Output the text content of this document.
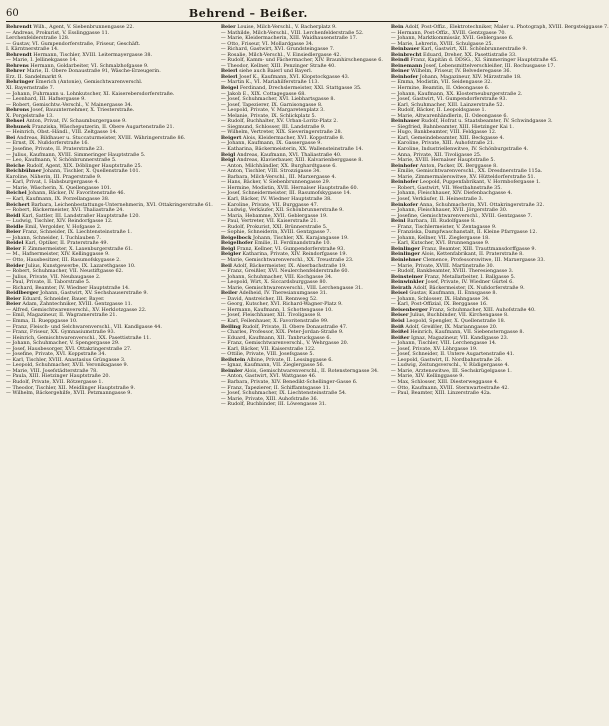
60	Behrend – Beißer.
Behrendt Wilh., Agent, V. Siebenbrunnengasse 22.
— Andreas, Prokurist, V. Esslinggasse 11.
Lerchenfelderstraße 128.
— Gustav, VI. Gumpendorferstraße, Friseur, Geschäft.
I. Kärntnerstraße 14.
Behrendt Hermann, Tischler, XVIII. Leitermayergasse 38.
— Marie, I. Jellinekgasse 14.
Behrens Hermann, Goldarbeiter, VI. Schmalzhofgasse 9.
Behrer Marie, II. Obere Donaustraße 91, Wäsche-Erzeugerin.
Erz. II. Sandelmarkt 9.
Behringer Emerich (Antonie), Gemischtwarenverschl.
XI. Bayernstraße 7.
— Johann, Fuhrmann u. Lohnkutscher, XI. Kaiserebersdorferstraße.
— Leonhard, III. Hafnergasse 9.
— Robert, Gemischtw.-Verschl., V. Mainergasse 34.
Behrons Josef, Bauunternehmer, X. Triesterstraße.
X. Porgelstraße 13.
Behsel Anton, Privat, IV. Schaumburgergasse 9.
Behunek Franziska, Wäscheputzerin, II. Obere Augartenstraße 21.
— Heinrich, Obst.-Händl., VIII. Zeltgasse 14.
Bei Andreas, Bildhauer u. Stuccaturmeister, XVIII. Währingerstraße 86.
— Ernst, IX. Nußdorferstraße 16.
— Josefine, Private, II. Praterstraße 23.
— Julius, Kaufmann, XVIII. Simmeringer Hauptstraße 5.
— Leo, Kaufmann, V. Schönbrunnerstraße 5.
Beiche Rudolf, Agent, XIX. Döblinger Hauptstraße 25.
Beichbühner Johann, Tischler, X. Quellenstraße 101.
Karoline, Näherin, III. Pragerstraße 9.
— Karl, Privat, I. Habsburgergasse 4.
— Marie, Wäscherin, X. Quellengasse 101.
Beichel Johann, Bäcker, IV. Favoritenstraße 46.
— Karl, Kaufmann, IX. Porzellangasse 38.
Beichert Barbara, Leichenbestattungs-Unternehmerin, XVI. Ottakringerstraße 61.
— Robert, Bäckermeister, XVI. Thaliastraße 24.
Beidl Karl, Sattler, III. Landstraßer Hauptstraße 120.
— Ludwig, Tischler, XIV. Reindorfgasse 12.
Beidle Emil, Vergolder, V. Hofgasse 2.
Beier Franz, Schneider, IX. Liechtensteinstraße 1.
— Johann, Schneider, I. Tuchlauben 7.
Beidel Karl, Optiker, II. Praterstraße 49.
Beier F. Zimmermeister, X. Laxenburgerstraße 61.
— M., Hafnermeister, XIV. Kellinggasse 9.
— Otto, Hausbesitzer, III. Rasumofskygasse 2.
Beider Julius, Kunstgewerbe, IX. Lazarethgasse 10.
— Robert, Schuhmacher, VII. Neustiftgasse 62.
— Julius, Private, VII. Neubaugasse 2.
— Paul, Private, II. Taborstraße 5.
— Richard, Beamter, IV. Wiedner Hauptstraße 14.
Beidlberger Johann, Gastwirt, XV. Sechshauserstraße 9.
Beier Eduard, Schneider, Bauer, Bayer.
Beier Adam, Zahntechniker, XVIII. Gentzgasse 11.
— Alfred, Gemischtwarenverschl., XV. Herklotzgasse 22.
— Emil, Magazineur, II. Wagramerstraße 21.
— Emma, II. Rueppgasse 10.
— Franz, Fleisch- und Selchwarenverschl., VII. Kandlgasse 44.
— Franz, Friseur, XX. Gymnasiumstraße 93.
— Heinrich, Gemischtwarenverschl., XX. Pasettistraße 11.
— Johann, Schuhmacher, V. Spengergasse 29.
— Josef, Hausbesorger, XVI. Ottakringerstraße 27.
— Josefine, Private, XVI. Koppstraße 34.
— Karl, Tischler, XVIII. Anastasius Grüngasse 3.
— Leopold, Schuhmacher, XVII. Veronikagasse 9.
— Marie, VIII. Josefstädterstraße 78.
— Paula, XIII. Hietzinger Hauptstraße 20.
— Rudolf, Private, XVII. Rötzergasse 1.
— Theodor, Tischler, XII. Meidlinger Hauptstraße 9.
— Wilhelm, Bäckergehilfe, XVII. Petzmanngasse 9.
Beier Louise, Milch-Verschl., V. Bacherplatz 9.
— Mathilde, Milch-Verschl., VIII. Lerchenfelderstraße 52.
— Marie, Kleidermacherin, XIII. Waidhausenstraße 17.
— Otto, Friseur, VI. Mollardgasse 34.
— Richard, Gastwirt, XVI. Grundsteingasse 7.
— Rosalie, Milch-Verschl., V. Einsiedlergasse 42.
— Rudolf, Kamm- und Fächermacher, XIV. Braunhirschengasse 6.
— Theodor, Kellner, XIII. Penzinger Straße 40.
Beierl siehe auch Baierl und Bayerl.
Beierl Josef K., Kaufmann, XVI. Klopstockgasse 43.
— Martin K., VI. Mariahilferstraße 113.
Beigel Ferdinand, Drechslermeister, XXI. Stattgasse 35.
— Jakob E., XIX. Cottagegasse 68.
— Josef, Schuhmacher, XVI. Liebhartsgasse 8.
— Josef, Tapezierer, IX. Garnisongasse 8.
— Leopold, Private, V. Margaretenplatz 3.
— Melanie, Private, IX. Schlickplatz 5.
— Rudolf, Buchhalter, XV. Urban-Loritz-Platz 2.
— Siegmund, Schlosser, III. Landstraße 9.
— Wilhelm, Vertreter, XIX. Sieveringerstraße 28.
Beigert Alois, Kleidermacher, XVI. Koppstraße 8.
— Johann, Kaufmann, IX. Gassergasse 9.
— Katharina, Bäckermeisterin, XX. Wallensteinstraße 14.
Beigl Andreas, Kaufmann, XVI. Thaliastraße 40.
Beigl Andreas, Klavierbauer, XIII. Kalvarienberggasse 8.
— Anton, Milchhändler, XX. Burghardtgasse 6.
— Anton, Tischler, VIII. Strozzigasse 34.
— Barbara, Milch-Verschl., III. Marxergasse 4.
— Hans, Bäcker, V. Siebenbrunnengasse 29.
— Hermine, Modistin, XVII. Hernalser Hauptstraße 60.
— Josef, Schneidermeister, III. Rasumofskygasse 14.
— Karl, Bäcker, IV. Wiedner Hauptstraße 38.
— Karoline, Private, VII. Burggasse 47.
— Ludwig, Verkäufer, XII. Schönbrunnerstraße 9.
— Maria, Hebamme, XVII. Geblergasse 19.
— Paul, Vertreter, VII. Kaiserstraße 21.
— Rudolf, Prokurist, XXI. Brünnerstraße 5.
— Sophie, Schneiderin, XVIII. Gentzgasse 7.
Beigelbock Johann, Tischler, XX. Karajangasse 19.
Beigelhofer Emilie, II. Ferdinandstraße 10.
Beigl Franz, Kellner, VI. Gumpendorferstraße 93.
Beigler Katharina, Private, XIV. Reindorfgasse 19.
— Marie, Gemischtwarenverschl., XX. Treustraße 23.
Beil Adolf, Bäckermeister, IX. Alserbachstraße 19.
— Franz, Greißler, XVI. Neulerchenfelderstraße 60.
— Johann, Schuhmacher, VIII. Kochgasse 34.
— Leopold, Wirt, X. Siccardsburggasse 80.
— Marie, Gemischtwarenverschl., VIII. Lerchengasse 31.
Beiler Adelheid, IV. Theresianumgasse 31.
— David, Anstreicher, III. Rennweg 52.
— Georg, Kutscher, XVI. Richard-Wagner-Platz 9.
— Hermann, Kaufmann, I. Schottengasse 10.
— Josef, Fleischhauer, XII. Tivoligasse 8.
— Karl, Feilenhauer, X. Favoritenstraße 99.
Beiling Rudolf, Private, II. Obere Donaustraße 47.
— Charles, Professor, XIX. Peter-Jordan-Straße 9.
— Eduard, Kaufmann, XII. Tanbruckgasse 6.
— Franz, Gemischtwarenverschl., V. Wehrgasse 20.
— Karl, Bäcker, VII. Kaiserstraße 122.
— Ottilie, Private, VIII. Josefsgasse 5.
Beilstein Albine, Private, II. Lessinggasse 6.
— Ignaz, Kaufmann, VII. Zieglergasse 56.
Beimler Alois, Gemischtwarenverschl., II. Rotensterngasse 34.
— Anton, Gastwirt, XVI. Wattgasse 46.
— Barbara, Private, XIV. Benedikt-Schellinger-Gasse 6.
— Franz, Tapezierer, II. Schiffamtsgasse 11.
— Josef, Schuhmacher, IX. Liechtensteinstraße 54.
— Marie, Private, XIII. Auhofstraße 36.
— Rudolf, Buchbinder, III. Löwengasse 31.
Bein Adolf, Post-Offiz., Elektrotechniker, Maler u. Photograph, XVIII. Bergsteiggasse 7.
— Hermann, Post-Offiz., XVIII. Gentzgasse 70.
— Johann, Marktkommissär, XVII. Geblergasse 6.
— Marie, Lehrerin, XVIII. Schulgasse 25.
Beinbauer Karl, Gastwirt, XII. Schönbrunnerstraße 9.
Beinbrecht Eduard, Dreher, XX. Pasettistraße 33.
Beindl Franz, Kapitän d. DDSG., XI. Simmeringer Hauptstraße 45.
Beinemann Josef, Lebensmittelverschleißer, III. Rochusgasse 17.
Beiner Wilhelm, Friseur, IV. Belvederegasse 36.
Beinhofer Johann, Magazineur, XIV. Märzstraße 18.
— Emma, Modistin, VII. Seidengasse 32.
— Hermine, Beamtin, II. Odeongasse 6.
— Johann, Kaufmann, XX. Klosterneuburgerstraße 2.
— Josef, Gastwirt, VI. Gumpendorferstraße 93.
— Karl, Schuhmacher, XIII. Lainzerstraße 52.
— Rudolf, Bäcker, II. Leopoldsgasse 1.
— Marie, Altwarenhändlerin, II. Odeongasse 6.
Beinhauer Rudolf, Hofrat u. Staatsbeamter, IV. Schwindgasse 3.
— Siegfried, Bahnbeamter, XIII. Hietzinger Kai 1.
— Hugo, Bankbeamter, VIII. Feldgasse 12.
— Karl, Gemeindebeamter, XIII. Beckgasse 4.
— Karoline, Private, XIII. Auhofstraße 21.
— Karoline, Industriellenwitwe, IV. Schönburgstraße 4.
— Anna, Private, XII. Tivoligasse 25.
— Marie, XVIII. Hernalser Hauptstraße 5.
Beinhofer Anton, Packer, IX. Berggasse 8.
— Emilie, Gemischtwarenverschl., XX. Dresdnerstraße 115a.
— Marie, Zimmermalerswitwe, XV. Hütteldorferstraße 51.
Beinhofer Leopold, Puppenfabrikant, V. Hormbofergasse 1.
— Robert, Gastwirt, VII. Westbahnstraße 35.
— Johann, Fleischhauer, XIV. Diefenbachgasse 4.
— Josef, Verkäufer, II. Heinestraße 3.
Beinkofer Anna, Schuhmacherin, XVI. Ottakringerstraße 32.
— Johann, Fleischhauer, XVII. Jörgerstraße 30.
— Josefine, Gemischtwarenverschl., XVIII. Gentzgasse 7.
Beinl Barbara, III. Rudolfgasse 8.
— Franz, Tischlermeister, V. Zentagasse 9.
— Franziska, Dampfwaschanstalt, II. Kleine Pfarrgasse 12.
— Johann, Kellner, VII. Zieglergasse 18.
— Karl, Kutscher, XVI. Brunnengasse 9.
Beinlinger Franz, Beamter, XIII. Trauttmansdorffgasse 9.
Beinlinger Alois, Kettenfabrikant, II. Praterstraße 8.
Beinlehner Clemence, Professorswitwe, III. Marxergasse 33.
— Marie, Private, XVIII. Martinstraße 30.
— Rudolf, Bankbeamter, XVIII. Theresiengasse 3.
Beinsteiner Franz, Metallarbeiter, I. Ballgasse 5.
Beinwinkler Josef, Private, IV. Wiedner Gürtel 6.
Beirath Adolf, Bäckermeister, IX. Nußdorferstraße 9.
Beisel Gustav, Kaufmann, II. Ennsgasse 8.
— Johann, Schlosser, IX. Hahngasse 34.
— Karl, Post-Offizial, IX. Berggasse 16.
Beisenberger Franz, Schuhmacher, XIII. Auhofstraße 40.
Beiser Julius, Buchbinder, VII. Kirchengasse 8.
Beisl Leopold, Spengler, X. Quellenstraße 18.
Beiß Adolf, Greißler, IX. Marianngasse 20.
Beißel Heinrich, Kaufmann, VII. Siebensterngasse 8.
Beißer Ignaz, Magazineur, VII. Kandlgasse 23.
— Johann, Tischler, VIII. Lerchengasse 14.
— Josef, Private, XV. Löhrgasse 19.
— Josef, Schneider, II. Untere Augartenstraße 41.
— Leopold, Gastwirt, II. Nordbahnstraße 26.
— Ludwig, Zeitungsverschl., V. Rüdigergasse 4.
— Marie, Arztenswitwe, III. Sechskrügelgasse 1.
— Marie, XIV. Kellinggasse 9.
— Max, Schlosser, XIII. Diesterweggasse 4.
— Otto, Kaufmann, XVIII. Sternwartestraße 42.
— Paul, Beamter, XIII. Linzerstraße 42a.
